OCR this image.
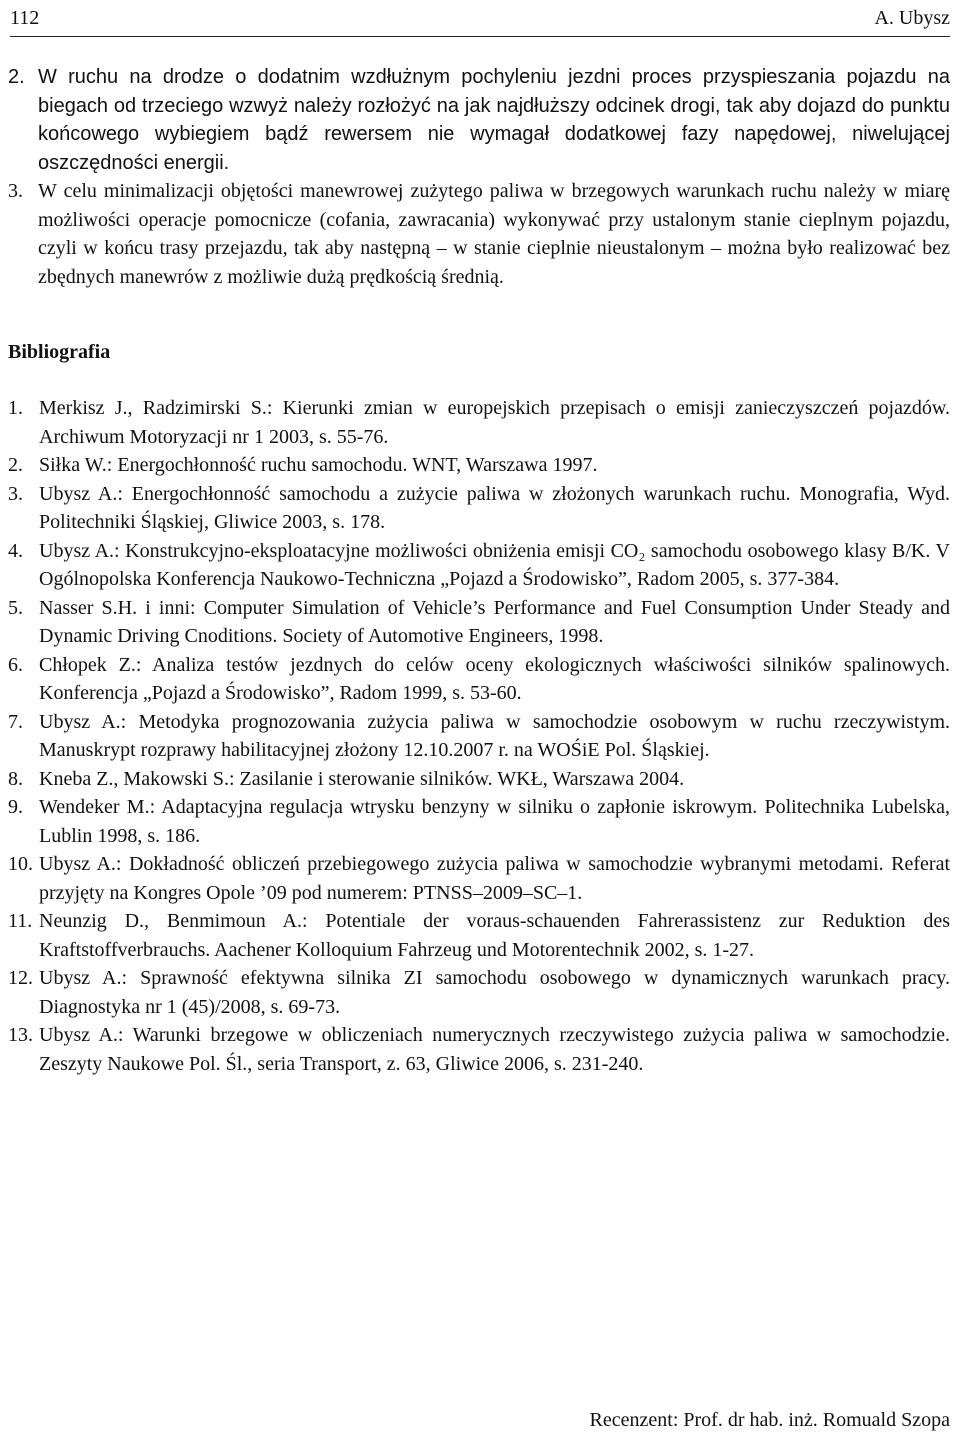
112	A. Ubysz
2. W ruchu na drodze o dodatnim wzdłużnym pochyleniu jezdni proces przyspieszania pojazdu na biegach od trzeciego wzwyż należy rozłożyć na jak najdłuższy odcinek drogi, tak aby dojazd do punktu końcowego wybiegiem bądź rewersem nie wymagał dodatkowej fazy napędowej, niwelującej oszczędności energii.
3. W celu minimalizacji objętości manewrowej zużytego paliwa w brzegowych warunkach ruchu należy w miarę możliwości operacje pomocnicze (cofania, zawracania) wykonywać przy ustalonym stanie cieplnym pojazdu, czyli w końcu trasy przejazdu, tak aby następną – w stanie cieplnie nieustalonym – można było realizować bez zbędnych manewrów z możliwie dużą prędkością średnią.
Bibliografia
1. Merkisz J., Radzimirski S.: Kierunki zmian w europejskich przepisach o emisji zanieczyszczeń pojazdów. Archiwum Motoryzacji nr 1 2003, s. 55-76.
2. Siłka W.: Energochłonność ruchu samochodu. WNT, Warszawa 1997.
3. Ubysz A.: Energochłonność samochodu a zużycie paliwa w złożonych warunkach ruchu. Monografia, Wyd. Politechniki Śląskiej, Gliwice 2003, s. 178.
4. Ubysz A.: Konstrukcyjno-eksploatacyjne możliwości obniżenia emisji CO₂ samochodu osobowego klasy B/K. V Ogólnopolska Konferencja Naukowo-Techniczna „Pojazd a Środowisko”, Radom 2005, s. 377-384.
5. Nasser S.H. i inni: Computer Simulation of Vehicle’s Performance and Fuel Consumption Under Steady and Dynamic Driving Cnoditions. Society of Automotive Engineers, 1998.
6. Chłopek Z.: Analiza testów jezdnych do celów oceny ekologicznych właściwości silników spalinowych. Konferencja „Pojazd a Środowisko”, Radom 1999, s. 53-60.
7. Ubysz A.: Metodyka prognozowania zużycia paliwa w samochodzie osobowym w ruchu rzeczywistym. Manuskrypt rozprawy habilitacyjnej złożony 12.10.2007 r. na WOŚiE Pol. Śląskiej.
8. Kneba Z., Makowski S.: Zasilanie i sterowanie silników. WKŁ, Warszawa 2004.
9. Wendeker M.: Adaptacyjna regulacja wtrysku benzyny w silniku o zapłonie iskrowym. Politechnika Lubelska, Lublin 1998, s. 186.
10. Ubysz A.: Dokładność obliczeń przebiegowego zużycia paliwa w samochodzie wybranymi metodami. Referat przyjęty na Kongres Opole ’09 pod numerem: PTNSS–2009–SC–1.
11. Neunzig D., Benmimoun A.: Potentiale der voraus-schauenden Fahrerassistenz zur Reduktion des Kraftstoffverbrauchs. Aachener Kolloquium Fahrzeug und Motorentechnik 2002, s. 1-27.
12. Ubysz A.: Sprawność efektywna silnika ZI samochodu osobowego w dynamicznych warunkach pracy. Diagnostyka nr 1 (45)/2008, s. 69-73.
13. Ubysz A.: Warunki brzegowe w obliczeniach numerycznych rzeczywistego zużycia paliwa w samochodzie. Zeszyty Naukowe Pol. Śl., seria Transport, z. 63, Gliwice 2006, s. 231-240.
Recenzent: Prof. dr hab. inż. Romuald Szopa
